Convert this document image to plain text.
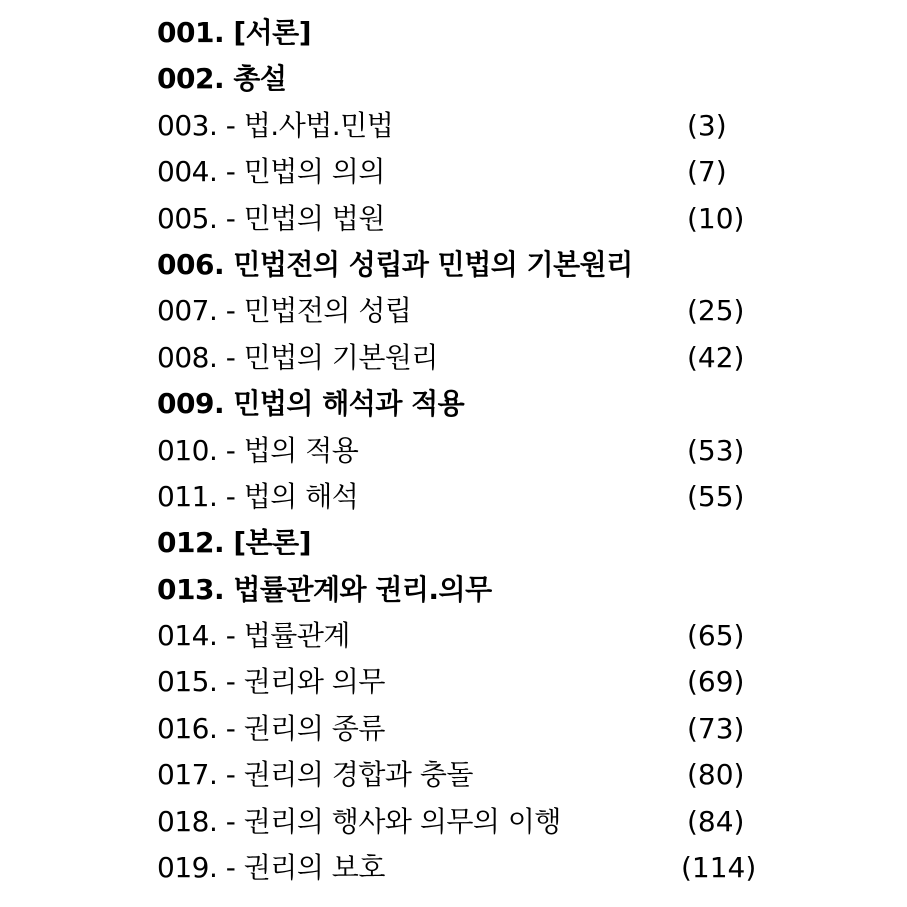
001. [서론]
002. 총설
003. - 법.사법.민법	(3)
004. - 민법의 의의	(7)
005. - 민법의 법원	(10)
006. 민법전의 성립과 민법의 기본원리
007. - 민법전의 성립	(25)
008. - 민법의 기본원리	(42)
009. 민법의 해석과 적용
010. - 법의 적용	(53)
011. - 법의 해석	(55)
012. [본론]
013. 법률관계와 권리.의무
014. - 법률관계	(65)
015. - 권리와 의무	(69)
016. - 권리의 종류	(73)
017. - 권리의 경합과 충돌	(80)
018. - 권리의 행사와 의무의 이행	(84)
019. - 권리의 보호	(114)
